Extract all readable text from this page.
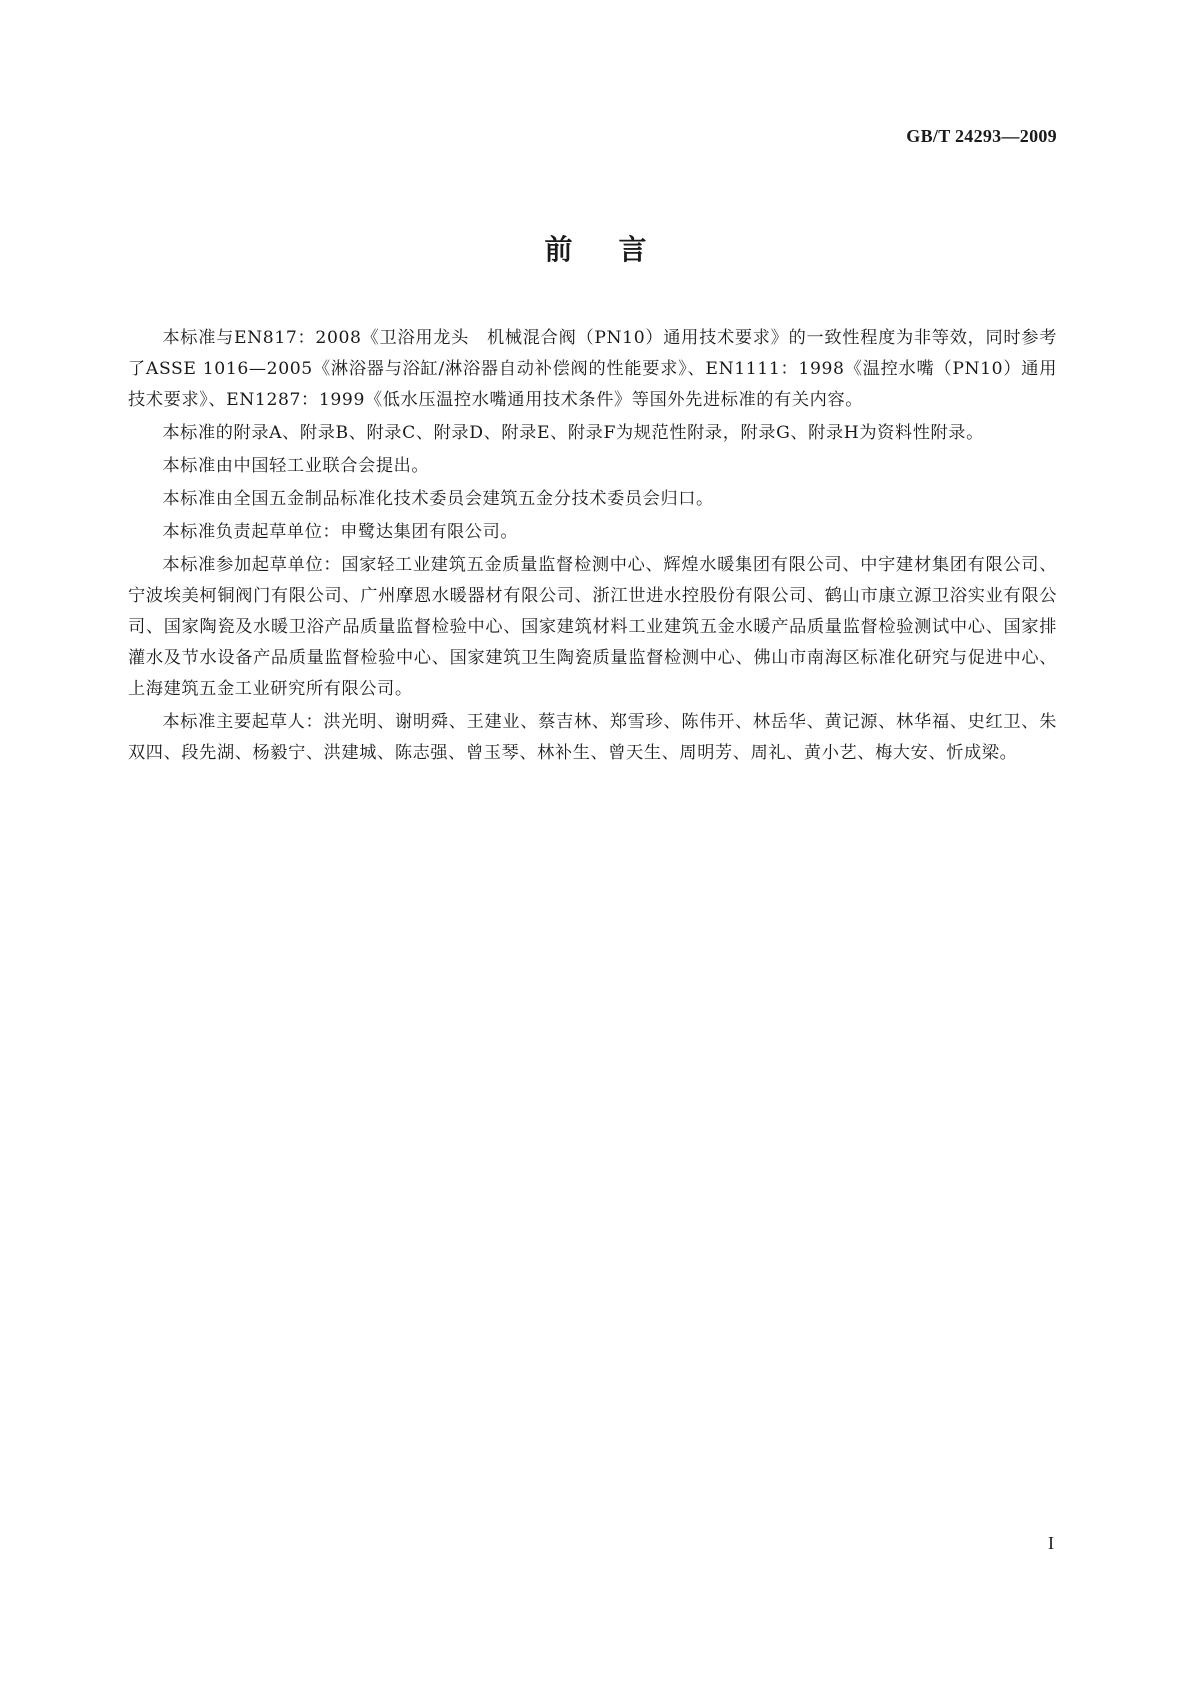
GB/T 24293—2009
前言

本标准与EN817：2008《卫浴用龙头　机械混合阀（PN10）通用技术要求》的一致性程度为非等效，同时参考了ASSE 1016—2005《淋浴器与浴缸/淋浴器自动补偿阀的性能要求》、EN1111：1998《温控水嘴（PN10）通用技术要求》、EN1287：1999《低水压温控水嘴通用技术条件》等国外先进标准的有关内容。

本标准的附录A、附录B、附录C、附录D、附录E、附录F为规范性附录，附录G、附录H为资料性附录。

本标准由中国轻工业联合会提出。

本标准由全国五金制品标准化技术委员会建筑五金分技术委员会归口。

本标准负责起草单位：申鹭达集团有限公司。

本标准参加起草单位：国家轻工业建筑五金质量监督检测中心、辉煌水暖集团有限公司、中宇建材集团有限公司、宁波埃美柯铜阀门有限公司、广州摩恩水暖器材有限公司、浙江世进水控股份有限公司、鹤山市康立源卫浴实业有限公司、国家陶瓷及水暖卫浴产品质量监督检验中心、国家建筑材料工业建筑五金水暖产品质量监督检验测试中心、国家排灌水及节水设备产品质量监督检验中心、国家建筑卫生陶瓷质量监督检测中心、佛山市南海区标准化研究与促进中心、上海建筑五金工业研究所有限公司。

本标准主要起草人：洪光明、谢明舜、王建业、蔡吉林、郑雪珍、陈伟开、林岳华、黄记源、林华福、史红卫、朱双四、段先湖、杨毅宁、洪建城、陈志强、曾玉琴、林补生、曾天生、周明芳、周礼、黄小艺、梅大安、忻成梁。

I
